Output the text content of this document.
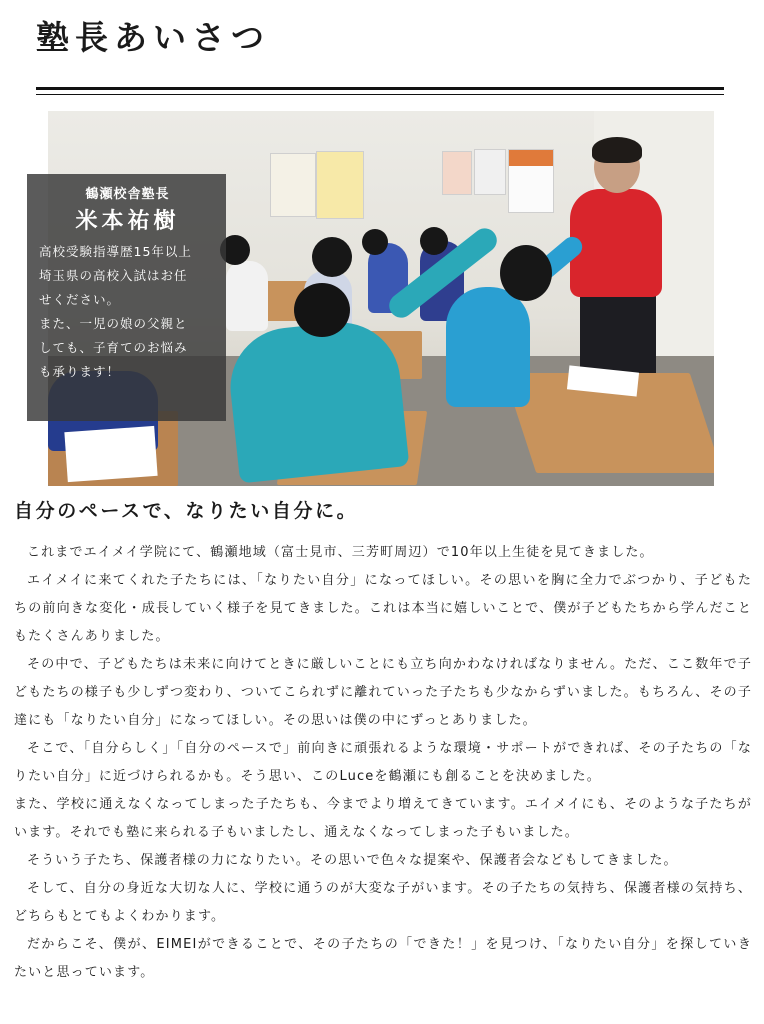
塾長あいさつ
鶴瀬校舎塾長
米本祐樹
高校受験指導歴15年以上
埼玉県の高校入試はお任
せください。
また、一児の娘の父親と
しても、子育てのお悩み
も承ります！
自分のペースで、なりたい自分に。

これまでエイメイ学院にて、鶴瀬地域（富士見市、三芳町周辺）で10年以上生徒を見てきました。

エイメイに来てくれた子たちには、「なりたい自分」になってほしい。その思いを胸に全力でぶつかり、子どもたちの前向きな変化・成長していく様子を見てきました。これは本当に嬉しいことで、僕が子どもたちから学んだこともたくさんありました。

その中で、子どもたちは未来に向けてときに厳しいことにも立ち向かわなければなりません。ただ、ここ数年で子どもたちの様子も少しずつ変わり、ついてこられずに離れていった子たちも少なからずいました。もちろん、その子達にも「なりたい自分」になってほしい。その思いは僕の中にずっとありました。

そこで、「自分らしく」「自分のペースで」前向きに頑張れるような環境・サポートができれば、その子たちの「なりたい自分」に近づけられるかも。そう思い、このLuceを鶴瀬にも創ることを決めました。

また、学校に通えなくなってしまった子たちも、今までより増えてきています。エイメイにも、そのような子たちがいます。それでも塾に来られる子もいましたし、通えなくなってしまった子もいました。

そういう子たち、保護者様の力になりたい。その思いで色々な提案や、保護者会などもしてきました。

そして、自分の身近な大切な人に、学校に通うのが大変な子がいます。その子たちの気持ち、保護者様の気持ち、どちらもとてもよくわかります。

だからこそ、僕が、EIMEIができることで、その子たちの「できた！」を見つけ、「なりたい自分」を探していきたいと思っています。
